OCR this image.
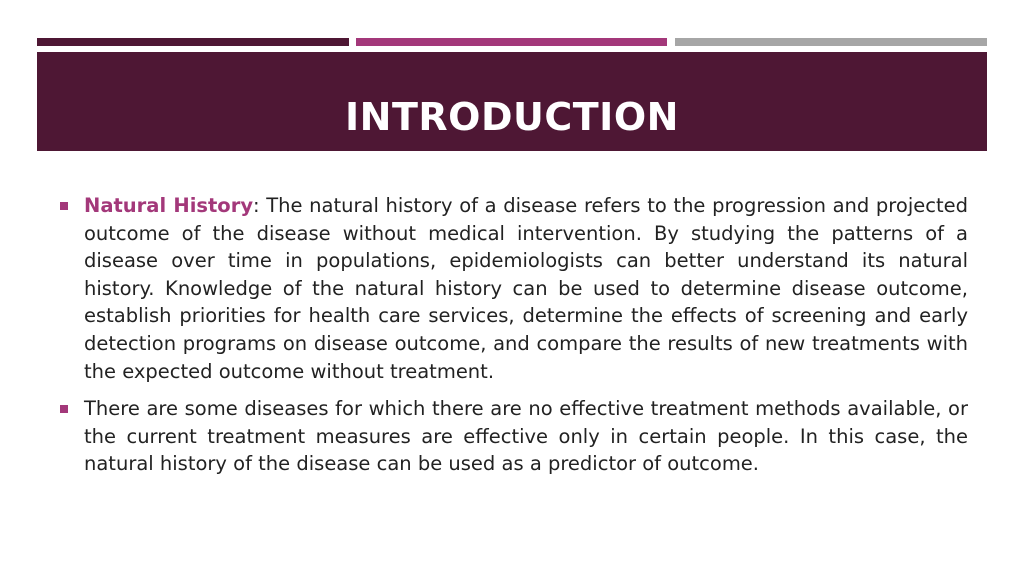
INTRODUCTION
Natural History: The natural history of a disease refers to the progression and projected outcome of the disease without medical intervention. By studying the patterns of a disease over time in populations, epidemiologists can better understand its natural history. Knowledge of the natural history can be used to determine disease outcome, establish priorities for health care services, determine the effects of screening and early detection programs on disease outcome, and compare the results of new treatments with the expected outcome without treatment.
There are some diseases for which there are no effective treatment methods available, or the current treatment measures are effective only in certain people. In this case, the natural history of the disease can be used as a predictor of outcome.
